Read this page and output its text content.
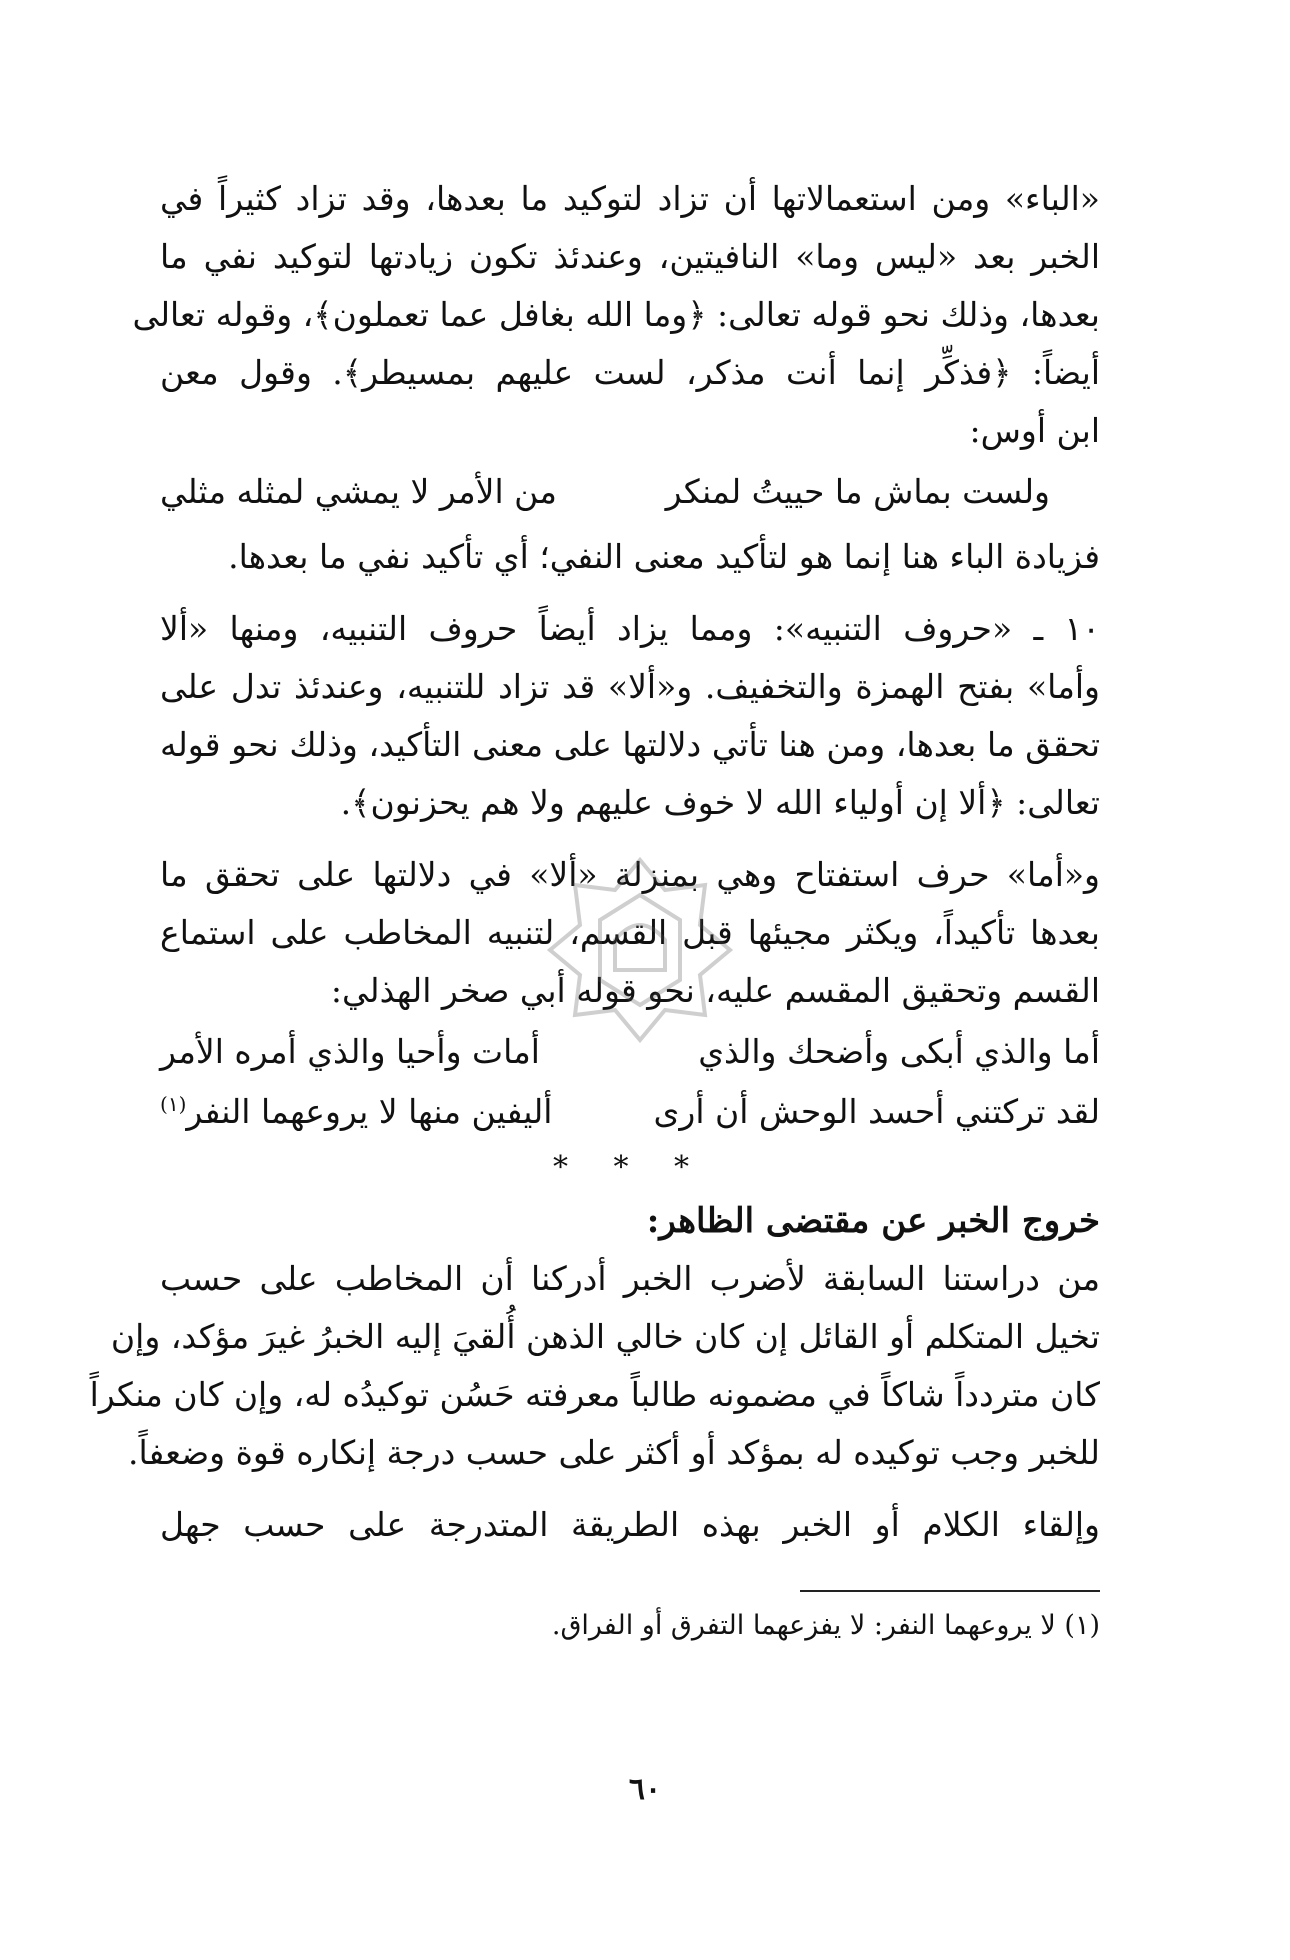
«الباء» ومن استعمالاتها أن تزاد لتوكيد ما بعدها، وقد تزاد كثيراً في
الخبر بعد «ليس وما» النافيتين، وعندئذ تكون زيادتها لتوكيد نفي ما
بعدها، وذلك نحو قوله تعالى: ﴿وما الله بغافل عما تعملون﴾، وقوله تعالى
أيضاً: ﴿فذكِّر إنما أنت مذكر، لست عليهم بمسيطر﴾. وقول معن
ابن أوس:

ولست بماش ما حييتُ لمنكر
من الأمر لا يمشي لمثله مثلي

فزيادة الباء هنا إنما هو لتأكيد معنى النفي؛ أي تأكيد نفي ما بعدها.

١٠ ـ «حروف التنبيه»: ومما يزاد أيضاً حروف التنبيه، ومنها «ألا
وأما» بفتح الهمزة والتخفيف. و«ألا» قد تزاد للتنبيه، وعندئذ تدل على
تحقق ما بعدها، ومن هنا تأتي دلالتها على معنى التأكيد، وذلك نحو قوله
تعالى: ﴿ألا إن أولياء الله لا خوف عليهم ولا هم يحزنون﴾.

و«أما» حرف استفتاح وهي بمنزلة «ألا» في دلالتها على تحقق ما
بعدها تأكيداً، ويكثر مجيئها قبل القسم، لتنبيه المخاطب على استماع
القسم وتحقيق المقسم عليه، نحو قوله أبي صخر الهذلي:

أما والذي أبكى وأضحك والذي
أمات وأحيا والذي أمره الأمر
لقد تركتني أحسد الوحش أن أرى
أليفين منها لا يروعهما النفر$^{(١)}$
* * *

خروج الخبر عن مقتضى الظاهر:

من دراستنا السابقة لأضرب الخبر أدركنا أن المخاطب على حسب
تخيل المتكلم أو القائل إن كان خالي الذهن أُلقيَ إليه الخبرُ غيرَ مؤكد، وإن
كان متردداً شاكاً في مضمونه طالباً معرفته حَسُن توكيدُه له، وإن كان منكراً
للخبر وجب توكيده له بمؤكد أو أكثر على حسب درجة إنكاره قوة وضعفاً.

وإلقاء الكلام أو الخبر بهذه الطريقة المتدرجة على حسب جهل

(١) لا يروعهما النفر: لا يفزعهما التفرق أو الفراق.

٦٠
